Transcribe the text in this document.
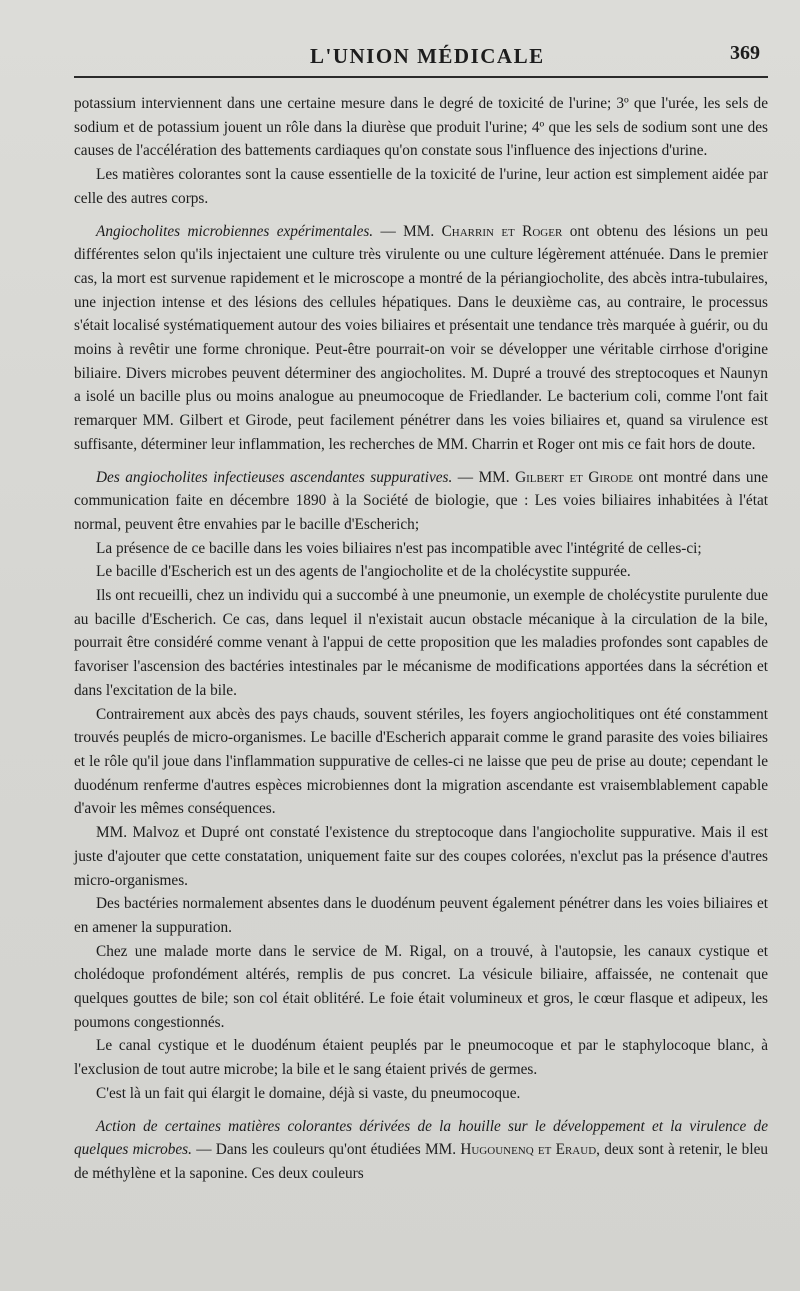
L'UNION MÉDICALE	369

potassium interviennent dans une certaine mesure dans le degré de toxicité de l'urine; 3º que l'urée, les sels de sodium et de potassium jouent un rôle dans la diurèse que produit l'urine; 4º que les sels de sodium sont une des causes de l'accélération des battements cardiaques qu'on constate sous l'influence des injections d'urine.

Les matières colorantes sont la cause essentielle de la toxicité de l'urine, leur action est simplement aidée par celle des autres corps.

Angiocholites microbiennes expérimentales. — MM. Charrin et Roger ont obtenu des lésions un peu différentes selon qu'ils injectaient une culture très virulente ou une culture légèrement atténuée. Dans le premier cas, la mort est survenue rapidement et le microscope a montré de la périangiocholite, des abcès intra-tubulaires, une injection intense et des lésions des cellules hépatiques. Dans le deuxième cas, au contraire, le processus s'était localisé systématiquement autour des voies biliaires et présentait une tendance très marquée à guérir, ou du moins à revêtir une forme chronique. Peut-être pourrait-on voir se développer une véritable cirrhose d'origine biliaire. Divers microbes peuvent déterminer des angiocholites. M. Dupré a trouvé des streptocoques et Naunyn a isolé un bacille plus ou moins analogue au pneumocoque de Friedlander. Le bacterium coli, comme l'ont fait remarquer MM. Gilbert et Girode, peut facilement pénétrer dans les voies biliaires et, quand sa virulence est suffisante, déterminer leur inflammation, les recherches de MM. Charrin et Roger ont mis ce fait hors de doute.

Des angiocholites infectieuses ascendantes suppuratives. — MM. Gilbert et Girode ont montré dans une communication faite en décembre 1890 à la Société de biologie, que : Les voies biliaires inhabitées à l'état normal, peuvent être envahies par le bacille d'Escherich;

La présence de ce bacille dans les voies biliaires n'est pas incompatible avec l'intégrité de celles-ci;

Le bacille d'Escherich est un des agents de l'angiocholite et de la cholécystite suppurée.

Ils ont recueilli, chez un individu qui a succombé à une pneumonie, un exemple de cholécystite purulente due au bacille d'Escherich. Ce cas, dans lequel il n'existait aucun obstacle mécanique à la circulation de la bile, pourrait être considéré comme venant à l'appui de cette proposition que les maladies profondes sont capables de favoriser l'ascension des bactéries intestinales par le mécanisme de modifications apportées dans la sécrétion et dans l'excitation de la bile.

Contrairement aux abcès des pays chauds, souvent stériles, les foyers angiocholitiques ont été constamment trouvés peuplés de micro-organismes. Le bacille d'Escherich apparait comme le grand parasite des voies biliaires et le rôle qu'il joue dans l'inflammation suppurative de celles-ci ne laisse que peu de prise au doute; cependant le duodénum renferme d'autres espèces microbiennes dont la migration ascendante est vraisemblablement capable d'avoir les mêmes conséquences.

MM. Malvoz et Dupré ont constaté l'existence du streptocoque dans l'angiocholite suppurative. Mais il est juste d'ajouter que cette constatation, uniquement faite sur des coupes colorées, n'exclut pas la présence d'autres micro-organismes.

Des bactéries normalement absentes dans le duodénum peuvent également pénétrer dans les voies biliaires et en amener la suppuration.

Chez une malade morte dans le service de M. Rigal, on a trouvé, à l'autopsie, les canaux cystique et cholédoque profondément altérés, remplis de pus concret. La vésicule biliaire, affaissée, ne contenait que quelques gouttes de bile; son col était oblitéré. Le foie était volumineux et gros, le cœur flasque et adipeux, les poumons congestionnés.

Le canal cystique et le duodénum étaient peuplés par le pneumocoque et par le staphylocoque blanc, à l'exclusion de tout autre microbe; la bile et le sang étaient privés de germes.

C'est là un fait qui élargit le domaine, déjà si vaste, du pneumocoque.

Action de certaines matières colorantes dérivées de la houille sur le développement et la virulence de quelques microbes. — Dans les couleurs qu'ont étudiées MM. Hugounenq et Eraud, deux sont à retenir, le bleu de méthylène et la saponine. Ces deux couleurs
